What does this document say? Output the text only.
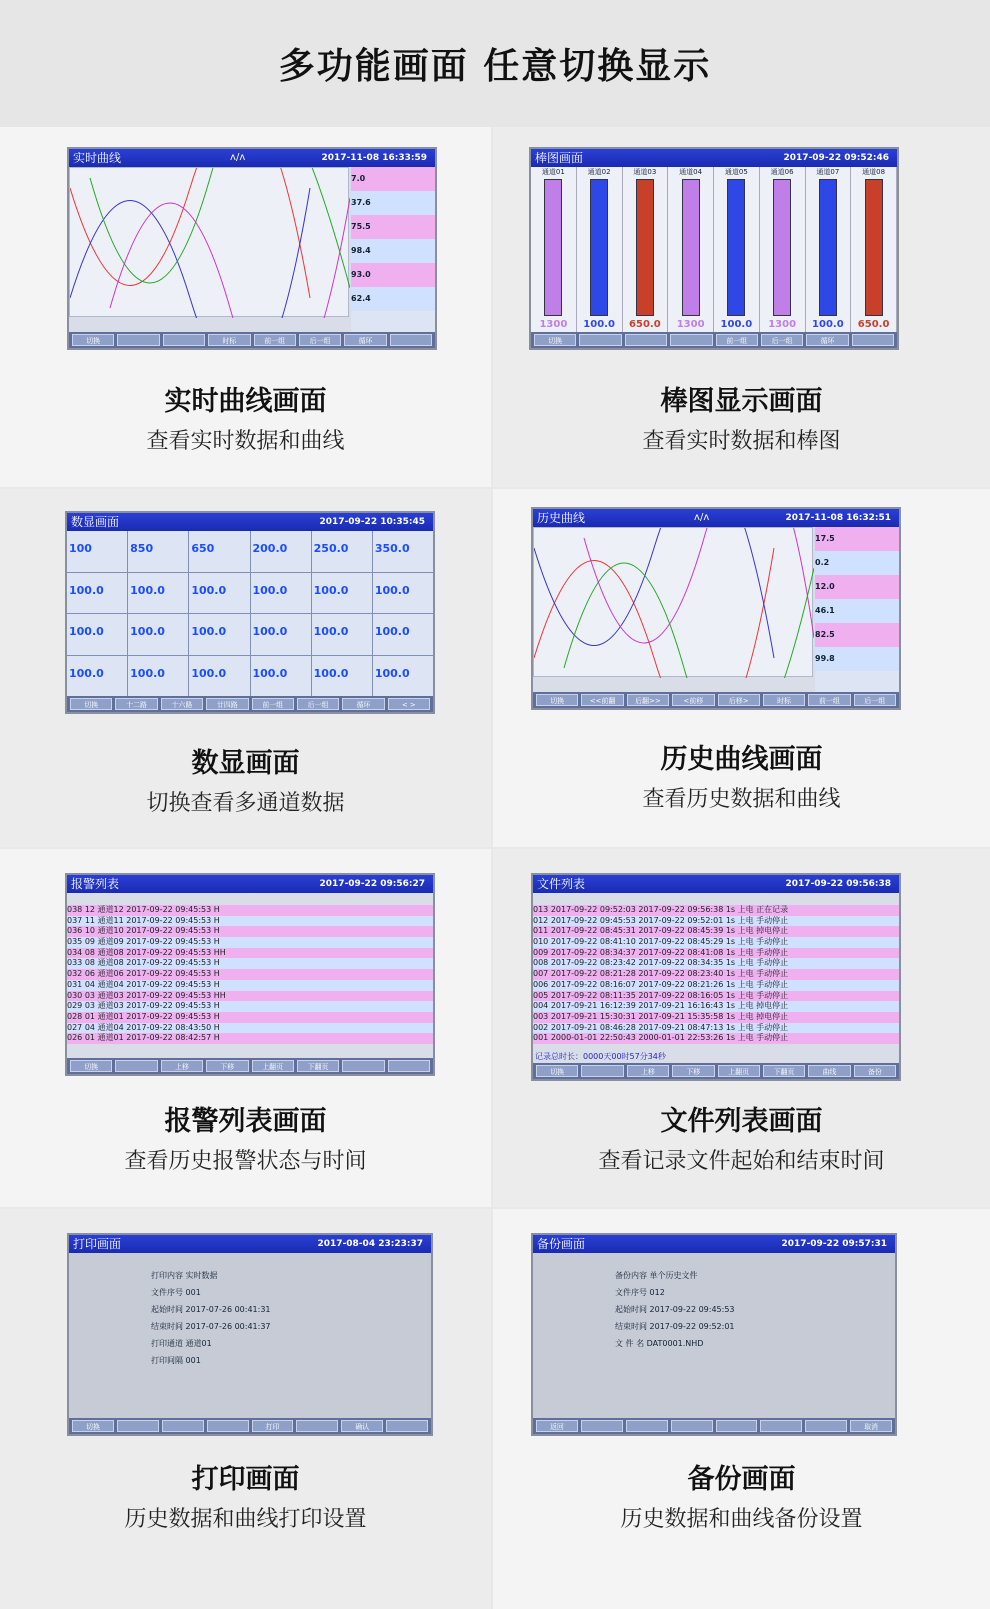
多功能画面 任意切换显示
实时曲线	ʌ/ʌ	2017-11-08 16:33:59
7.0
37.6
75.5
98.4
93.0
62.4
切换	时标	前一组	后一组	循环
实时曲线画面
查看实时数据和曲线
棒图画面	2017-09-22 09:52:46
通道01
1300
通道02
100.0
通道03
650.0
通道04
1300
通道05
100.0
通道06
1300
通道07
100.0
通道08
650.0
切换	前一组	后一组	循环
棒图显示画面
查看实时数据和棒图
数显画面	2017-09-22 10:35:45
100	850	650	200.0	250.0	350.0
100.0	100.0	100.0	100.0	100.0	100.0
100.0	100.0	100.0	100.0	100.0	100.0
100.0	100.0	100.0	100.0	100.0	100.0
切换	十二路	十六路	廿四路	前一组	后一组	循环	< >
数显画面
切换查看多通道数据
历史曲线	ʌ/ʌ	2017-11-08 16:32:51
17.5
0.2
12.0
46.1
82.5
99.8
切换	<<前翻	后翻>>	<前移	后移>	时标	前一组	后一组
历史曲线画面
查看历史数据和曲线
报警列表	2017-09-22 09:56:27
038 12 通道12 2017-09-22 09:45:53 H
037 11 通道11 2017-09-22 09:45:53 H
036 10 通道10 2017-09-22 09:45:53 H
035 09 通道09 2017-09-22 09:45:53 H
034 08 通道08 2017-09-22 09:45:53 HH
033 08 通道08 2017-09-22 09:45:53 H
032 06 通道06 2017-09-22 09:45:53 H
031 04 通道04 2017-09-22 09:45:53 H
030 03 通道03 2017-09-22 09:45:53 HH
029 03 通道03 2017-09-22 09:45:53 H
028 01 通道01 2017-09-22 09:45:53 H
027 04 通道04 2017-09-22 08:43:50 H
026 01 通道01 2017-09-22 08:42:57 H
切换	上移	下移	上翻页	下翻页
报警列表画面
查看历史报警状态与时间
文件列表	2017-09-22 09:56:38
013 2017-09-22 09:52:03 2017-09-22 09:56:38 1s 上电 正在记录
012 2017-09-22 09:45:53 2017-09-22 09:52:01 1s 上电 手动停止
011 2017-09-22 08:45:31 2017-09-22 08:45:39 1s 上电 掉电停止
010 2017-09-22 08:41:10 2017-09-22 08:45:29 1s 上电 手动停止
009 2017-09-22 08:34:37 2017-09-22 08:41:08 1s 上电 手动停止
008 2017-09-22 08:23:42 2017-09-22 08:34:35 1s 上电 手动停止
007 2017-09-22 08:21:28 2017-09-22 08:23:40 1s 上电 手动停止
006 2017-09-22 08:16:07 2017-09-22 08:21:26 1s 上电 手动停止
005 2017-09-22 08:11:35 2017-09-22 08:16:05 1s 上电 手动停止
004 2017-09-21 16:12:39 2017-09-21 16:16:43 1s 上电 掉电停止
003 2017-09-21 15:30:31 2017-09-21 15:35:58 1s 上电 掉电停止
002 2017-09-21 08:46:28 2017-09-21 08:47:13 1s 上电 手动停止
001 2000-01-01 22:50:43 2000-01-01 22:53:26 1s 上电 手动停止
记录总时长：0000天00时57分34秒
切换	上移	下移	上翻页	下翻页	曲线	备份
文件列表画面
查看记录文件起始和结束时间
打印画面	2017-08-04 23:23:37
打印内容 实时数据
文件序号 001
起始时间 2017-07-26 00:41:31
结束时间 2017-07-26 00:41:37
打印通道 通道01
打印间隔 001
切换	打印	确认
打印画面
历史数据和曲线打印设置
备份画面	2017-09-22 09:57:31
备份内容 单个历史文件
文件序号 012
起始时间 2017-09-22 09:45:53
结束时间 2017-09-22 09:52:01
文 件 名 DAT0001.NHD
返回	取消
备份画面
历史数据和曲线备份设置
